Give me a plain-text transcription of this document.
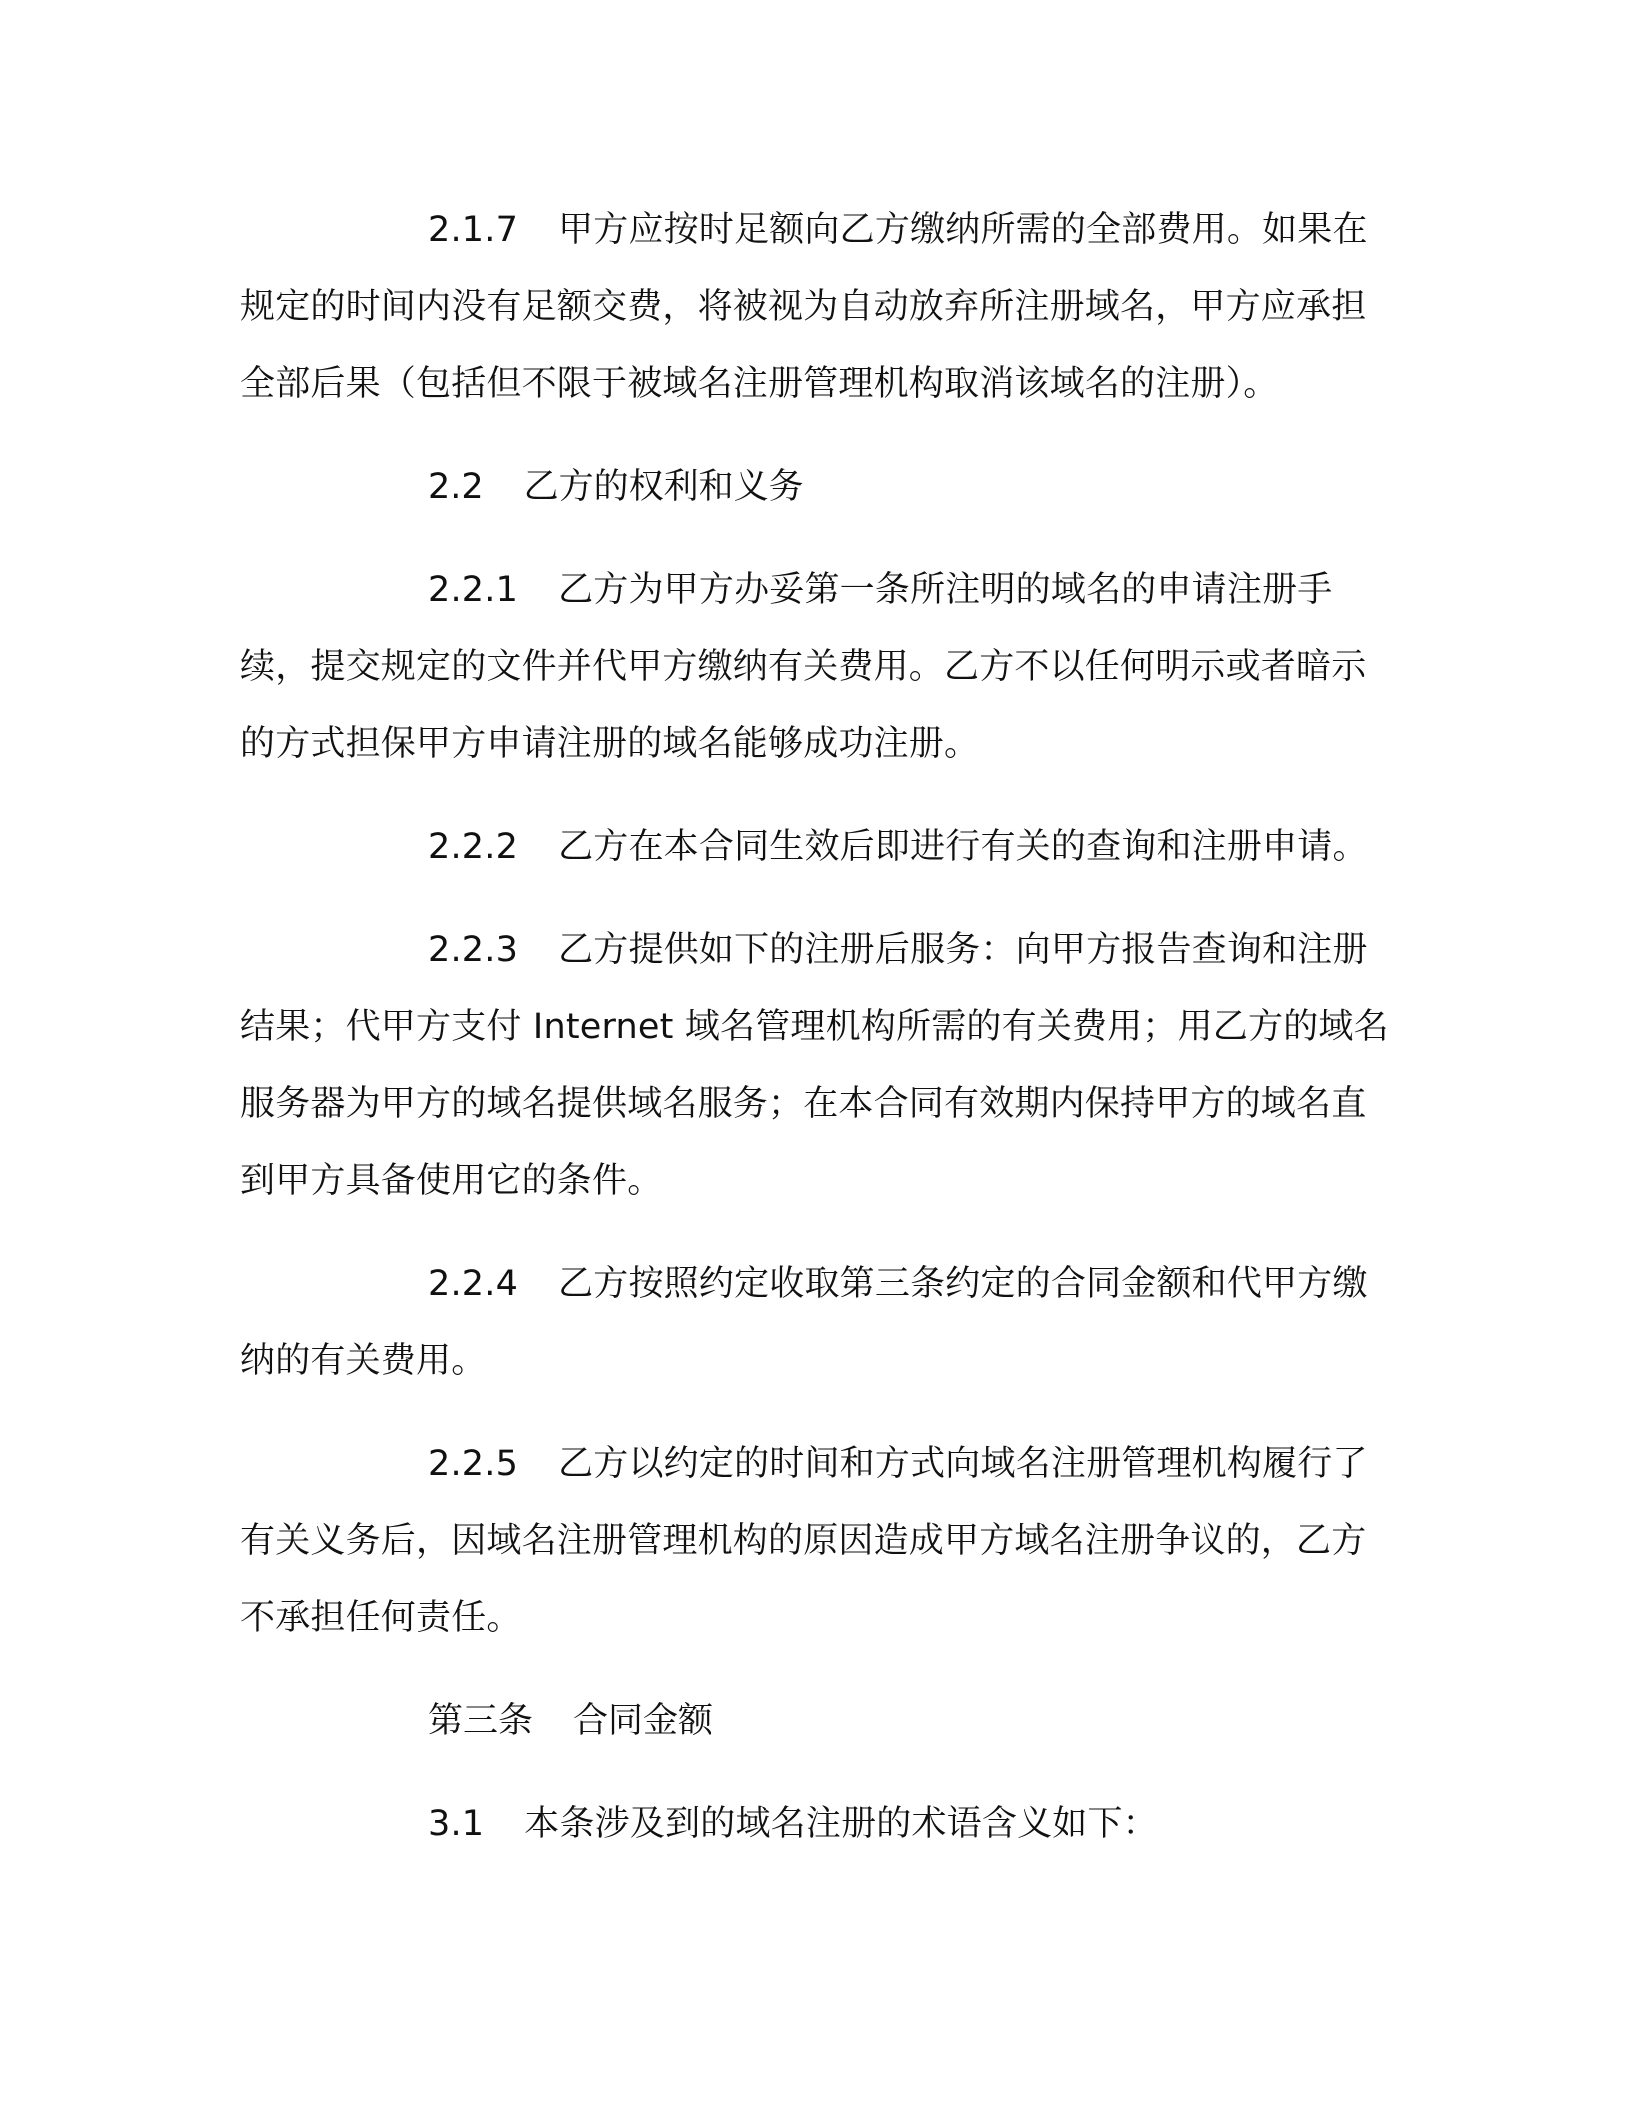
2.1.7 甲方应按时足额向乙方缴纳所需的全部费用。如果在规定的时间内没有足额交费，将被视为自动放弃所注册域名，甲方应承担全部后果（包括但不限于被域名注册管理机构取消该域名的注册）。

2.2 乙方的权利和义务

2.2.1 乙方为甲方办妥第一条所注明的域名的申请注册手续，提交规定的文件并代甲方缴纳有关费用。乙方不以任何明示或者暗示的方式担保甲方申请注册的域名能够成功注册。

2.2.2 乙方在本合同生效后即进行有关的查询和注册申请。

2.2.3 乙方提供如下的注册后服务：向甲方报告查询和注册结果；代甲方支付 Internet 域名管理机构所需的有关费用；用乙方的域名服务器为甲方的域名提供域名服务；在本合同有效期内保持甲方的域名直到甲方具备使用它的条件。

2.2.4 乙方按照约定收取第三条约定的合同金额和代甲方缴纳的有关费用。

2.2.5 乙方以约定的时间和方式向域名注册管理机构履行了有关义务后，因域名注册管理机构的原因造成甲方域名注册争议的，乙方不承担任何责任。

第三条 合同金额

3.1 本条涉及到的域名注册的术语含义如下：
